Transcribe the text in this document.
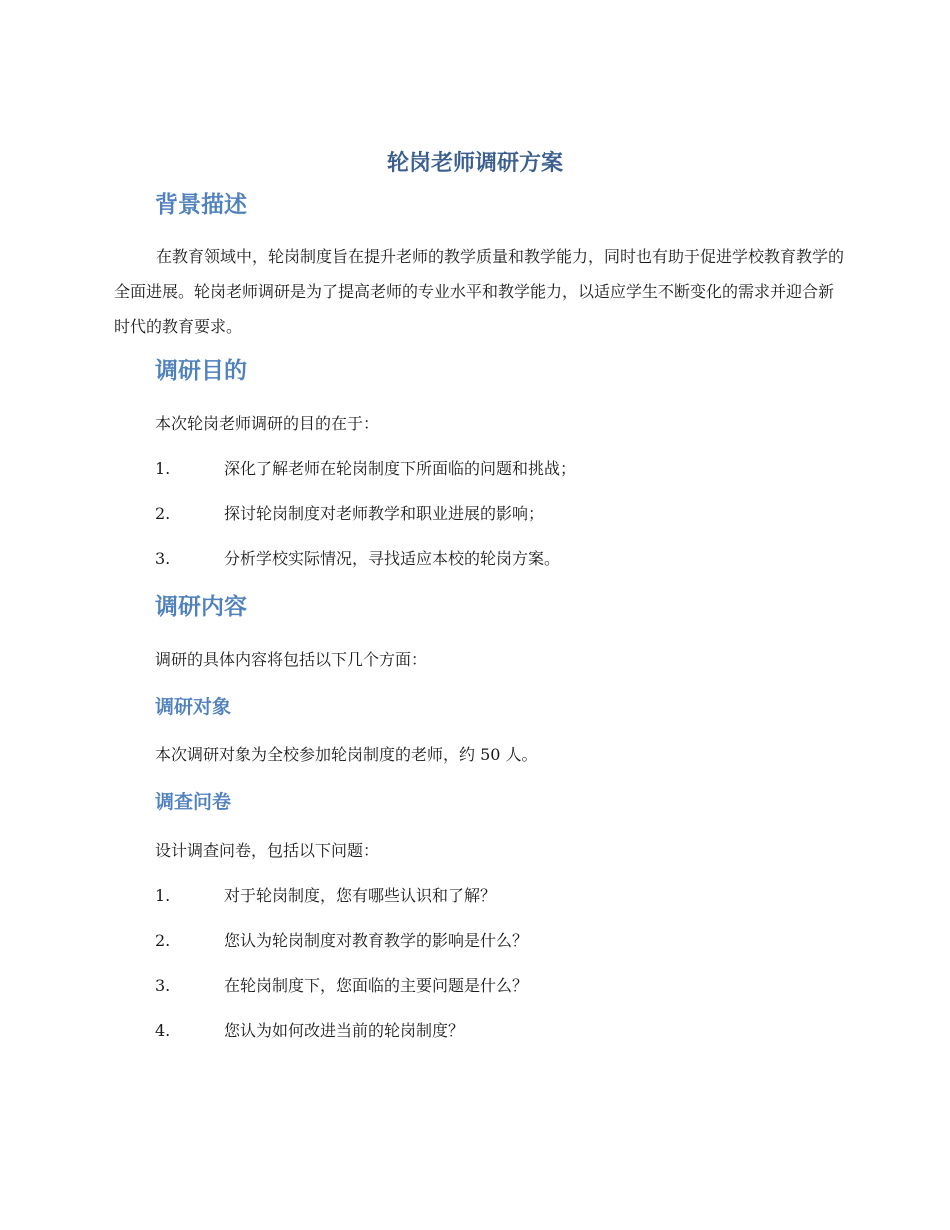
轮岗老师调研方案
背景描述
在教育领域中，轮岗制度旨在提升老师的教学质量和教学能力，同时也有助于促进学校教育教学的全面进展。轮岗老师调研是为了提高老师的专业水平和教学能力，以适应学生不断变化的需求并迎合新时代的教育要求。
调研目的
本次轮岗老师调研的目的在于：
1.	深化了解老师在轮岗制度下所面临的问题和挑战；
2.	探讨轮岗制度对老师教学和职业进展的影响；
3.	分析学校实际情况，寻找适应本校的轮岗方案。
调研内容
调研的具体内容将包括以下几个方面：
调研对象
本次调研对象为全校参加轮岗制度的老师，约 50 人。
调查问卷
设计调查问卷，包括以下问题：
1.	对于轮岗制度，您有哪些认识和了解？
2.	您认为轮岗制度对教育教学的影响是什么？
3.	在轮岗制度下，您面临的主要问题是什么？
4.	您认为如何改进当前的轮岗制度？
